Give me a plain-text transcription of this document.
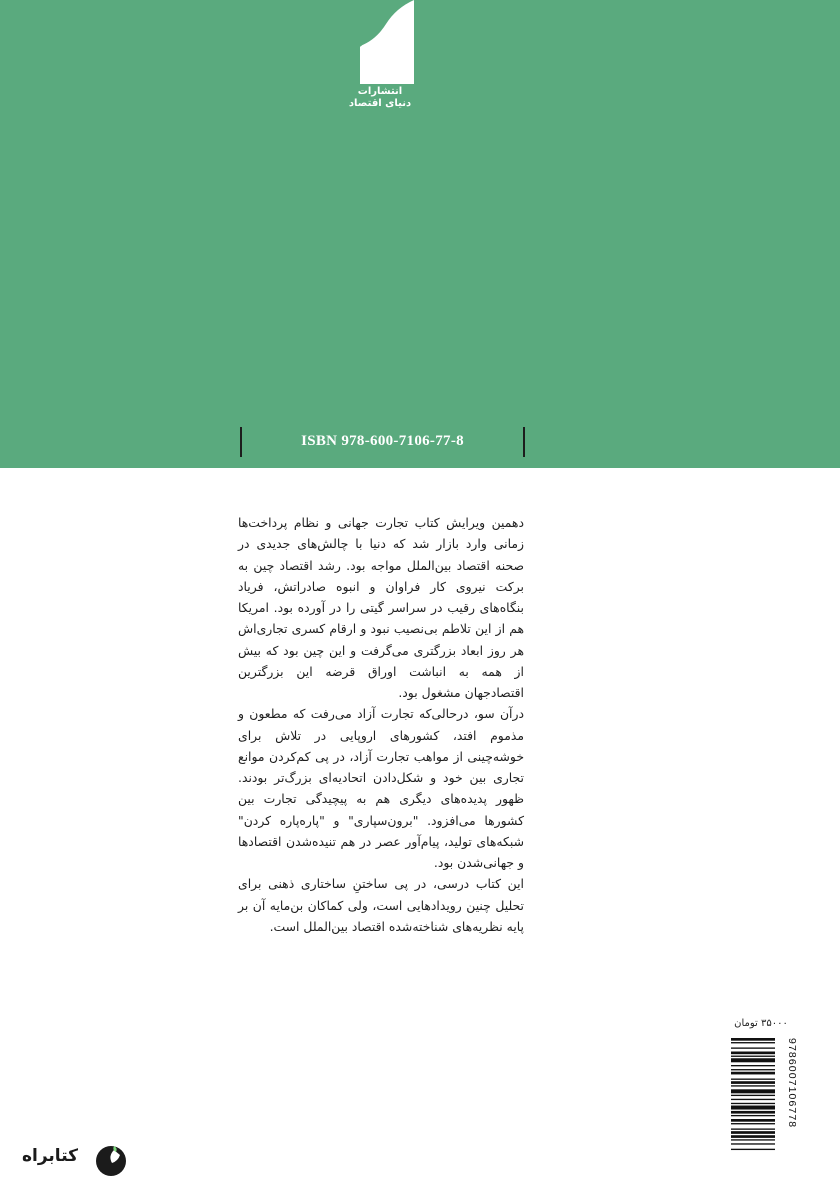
انتشارات
دنیای اقتصاد
ISBN 978-600-7106-77-8

دهمین ویرایش کتاب تجارت جهانی و نظام پرداخت‌ها زمانی وارد بازار شد که دنیا با چالش‌های جدیدی در صحنه اقتصاد بین‌الملل مواجه بود. رشد اقتصاد چین به برکت نیروی کار فراوان و انبوه صادراتش، فریاد بنگاه‌های رقیب در سراسر گیتی را در آورده بود. امریکا هم از این تلاطم بی‌نصیب نبود و ارقام کسری تجاری‌اش هر روز ابعاد بزرگتری می‌گرفت و این چین بود که بیش از همه به انباشت اوراق قرضه این بزرگترین اقتصادجهان مشغول بود.

درآن سو، درحالی‌که تجارت آزاد می‌رفت که مطعون و مذموم افتد، کشورهای اروپایی در تلاش برای خوشه‌چینی از مواهب تجارت آزاد، در پی کم‌کردن موانع تجاری بین خود و شکل‌دادن اتحادیه‌ای بزرگ‌تر بودند. ظهور پدیده‌های دیگری هم به پیچیدگی تجارت بین کشورها می‌افزود. "برون‌سپاری" و "پاره‌پاره کردن" شبکه‌های تولید، پیام‌آور عصر در هم تنیده‌شدن اقتصادها و جهانی‌شدن بود.

این کتاب درسی، در پی ساختنِ ساختاری ذهنی برای تحلیل چنین رویدادهایی است، ولی کماکان بن‌مایه آن بر پایه نظریه‌های شناخته‌شده اقتصاد بین‌الملل است.

۳۵۰۰۰ تومان
9786007106778
کتابراه
